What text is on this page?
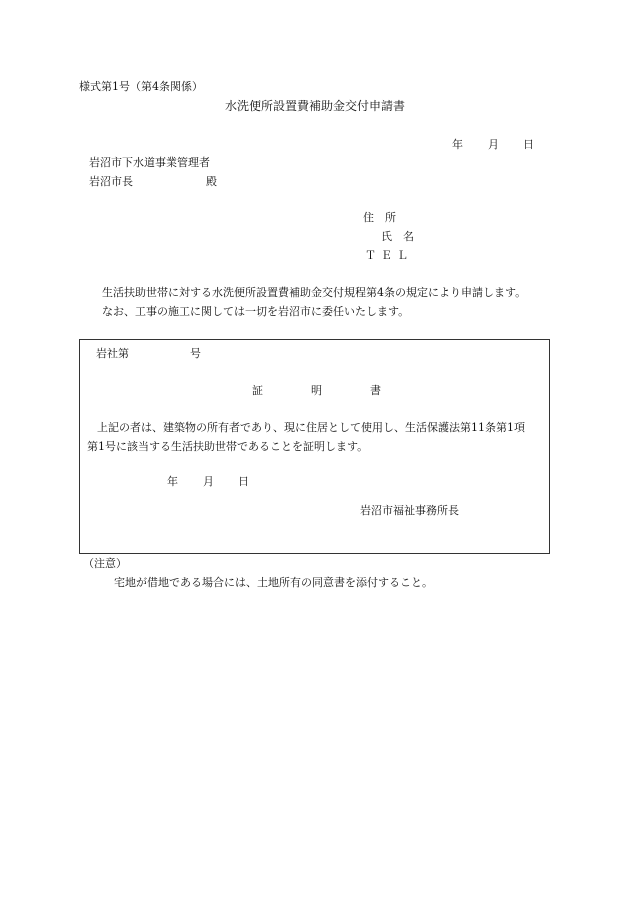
様式第1号（第4条関係）
水洗便所設置費補助金交付申請書
年 月 日
岩沼市下水道事業管理者
岩沼市長	殿
住　所
氏　名
ＴＥＬ
生活扶助世帯に対する水洗便所設置費補助金交付規程第4条の規定により申請します。
なお、工事の施工に関しては一切を岩沼市に委任いたします。
岩社第	号
証	明	書
上記の者は、建築物の所有者であり、現に住居として使用し、生活保護法第11条第1項
第1号に該当する生活扶助世帯であることを証明します。
年 月 日
岩沼市福祉事務所長
（注意）
宅地が借地である場合には、土地所有の同意書を添付すること。
